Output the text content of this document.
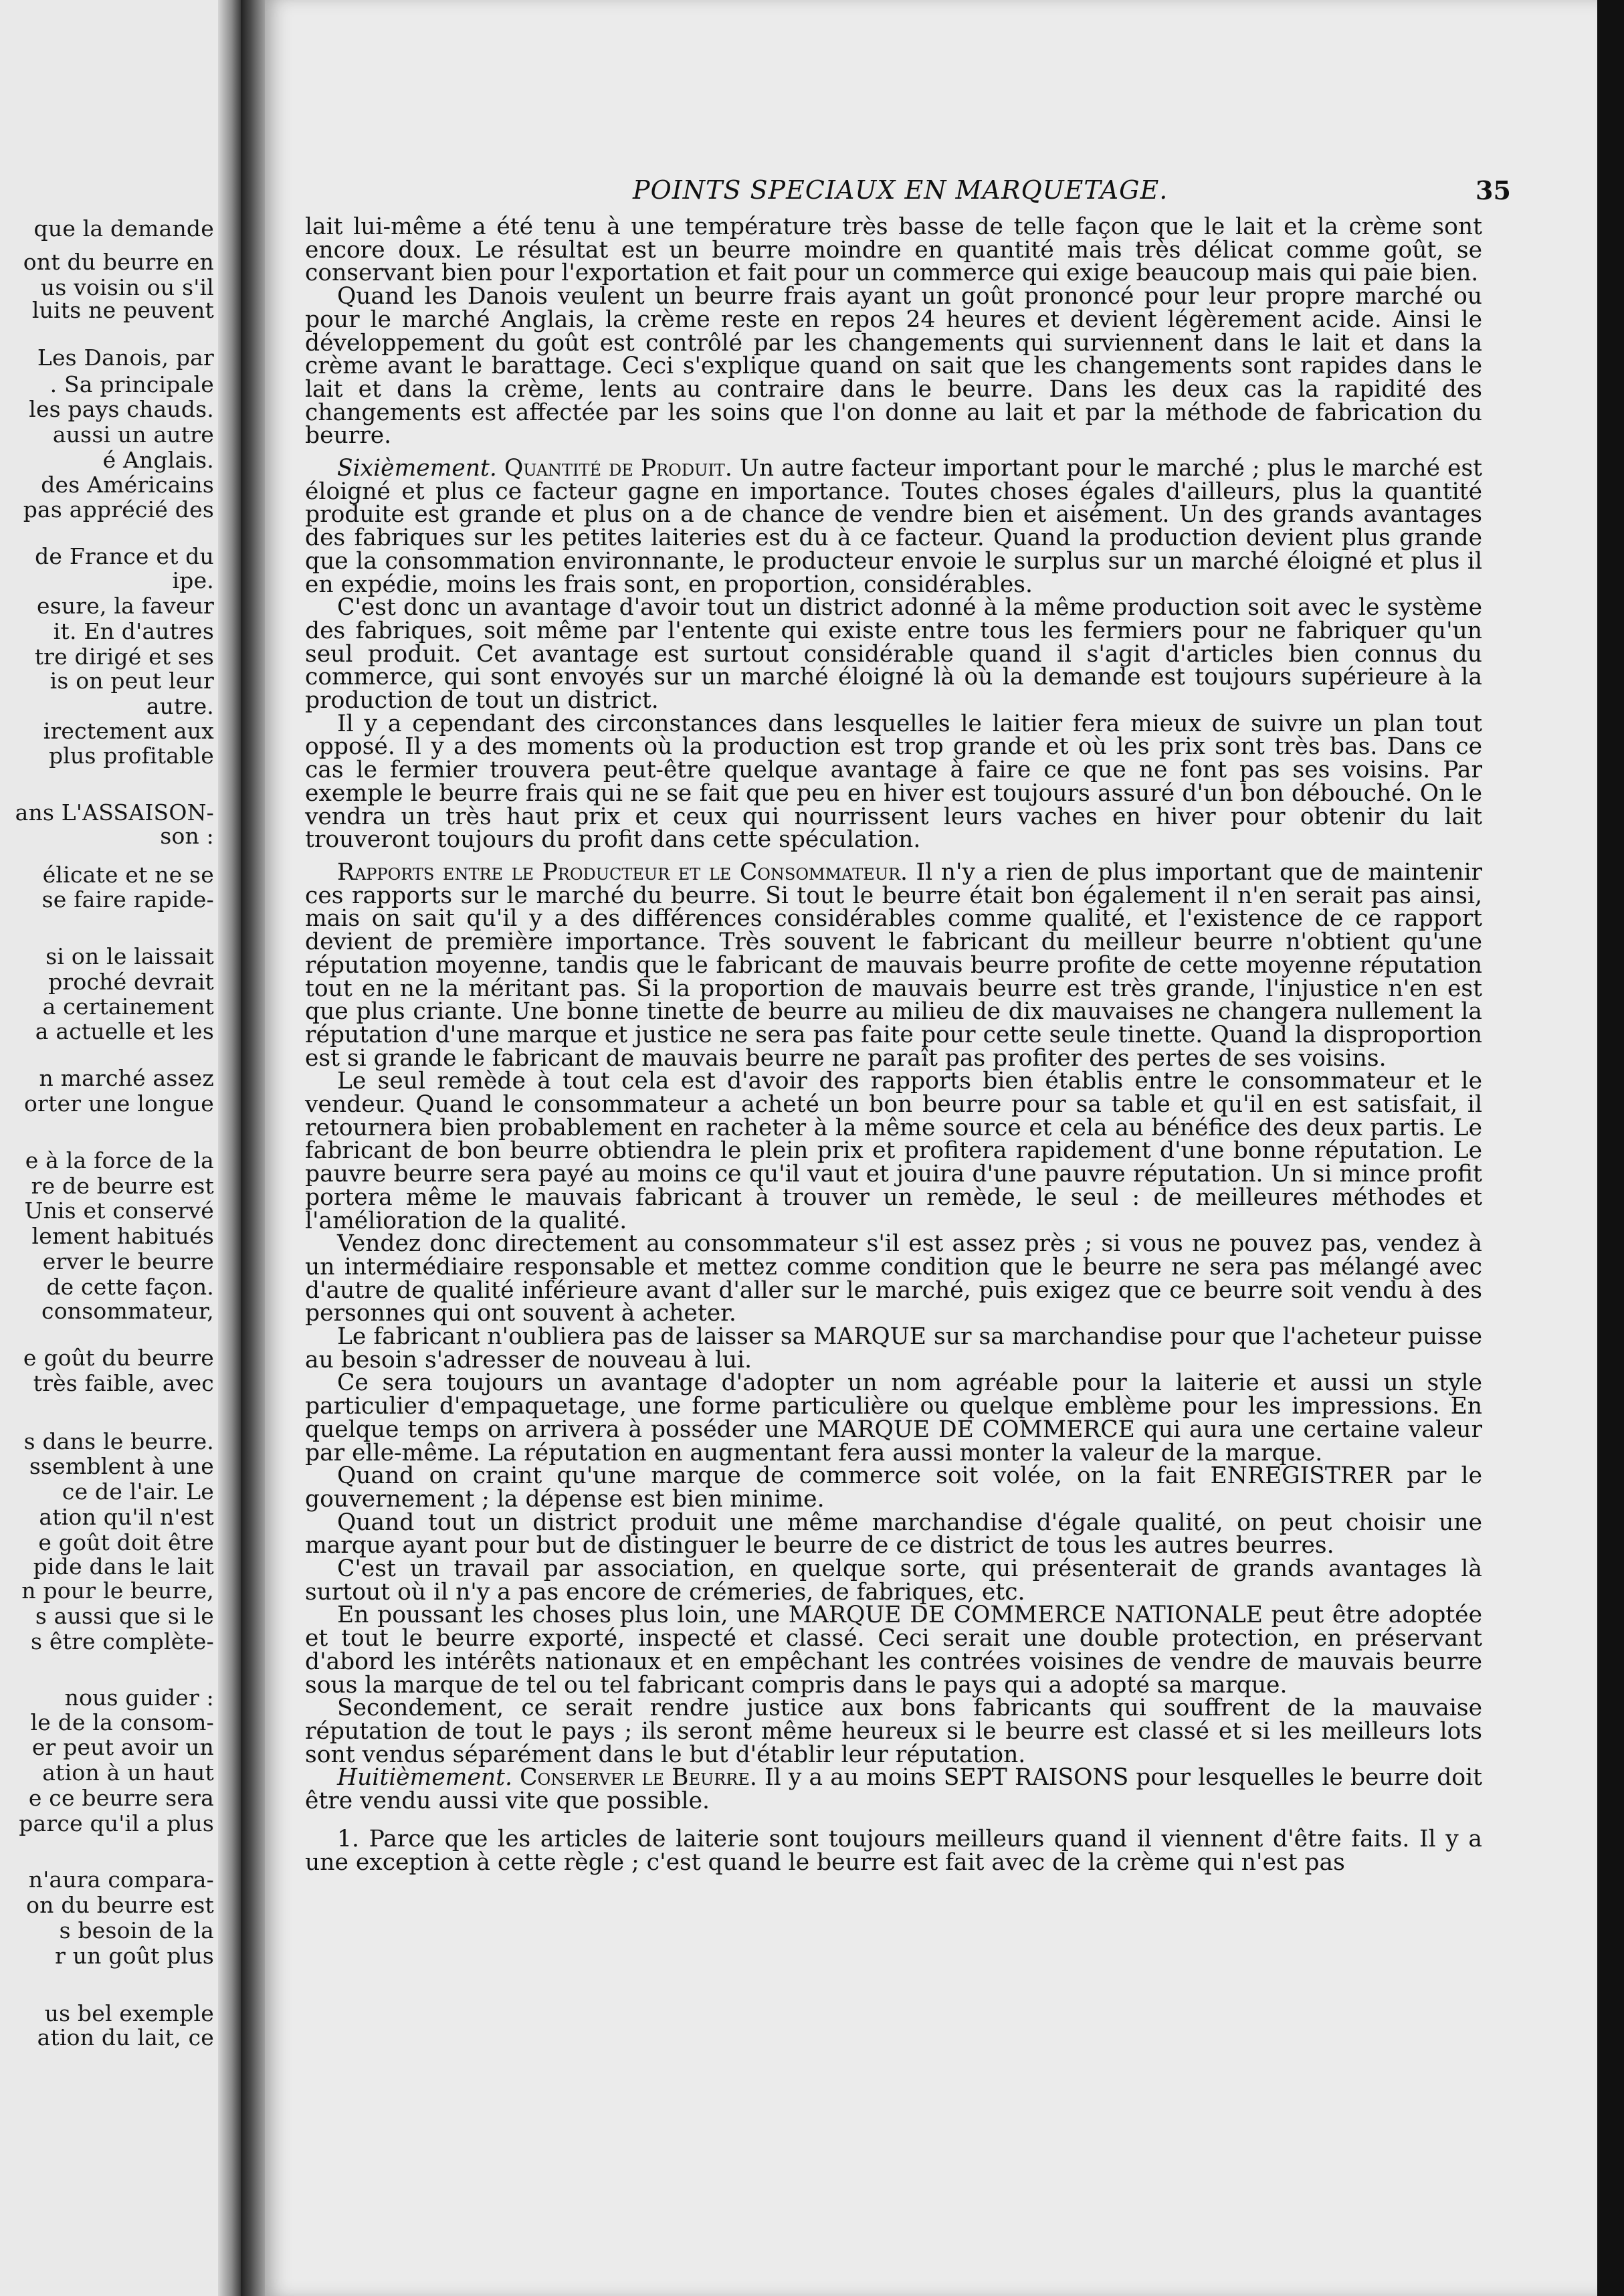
que la demande
ont du beurre en
us voisin ou s'il
luits ne peuvent
Les Danois, par
. Sa principale
les pays chauds.
aussi un autre
é Anglais.
des Américains
pas apprécié des
de France et du
ipe.
esure, la faveur
it. En d'autres
tre dirigé et ses
is on peut leur
autre.
irectement aux
plus profitable
ans L'ASSAISON-
son :
élicate et ne se
se faire rapide-
si on le laissait
proché devrait
a certainement
a actuelle et les
n marché assez
orter une longue
e à la force de la
re de beurre est
Unis et conservé
lement habitués
erver le beurre
de cette façon.
consommateur,
e goût du beurre
très faible, avec
s dans le beurre.
ssemblent à une
ce de l'air. Le
ation qu'il n'est
e goût doit être
pide dans le lait
n pour le beurre,
s aussi que si le
s être complète-
nous guider :
le de la consom-
er peut avoir un
ation à un haut
e ce beurre sera
parce qu'il a plus
n'aura compara-
on du beurre est
s besoin de la
r un goût plus
us bel exemple
ation du lait, ce
POINTS SPECIAUX EN MARQUETAGE.	35

lait lui-même a été tenu à une température très basse de telle façon que le lait et la crème sont encore doux. Le résultat est un beurre moindre en quantité mais très délicat comme goût, se conservant bien pour l'exportation et fait pour un commerce qui exige beaucoup mais qui paie bien.

Quand les Danois veulent un beurre frais ayant un goût prononcé pour leur propre marché ou pour le marché Anglais, la crème reste en repos 24 heures et devient légèrement acide. Ainsi le développement du goût est contrôlé par les changements qui surviennent dans le lait et dans la crème avant le barattage. Ceci s'explique quand on sait que les changements sont rapides dans le lait et dans la crème, lents au contraire dans le beurre. Dans les deux cas la rapidité des changements est affectée par les soins que l'on donne au lait et par la méthode de fabrication du beurre.

Sixièmement. Quantité de Produit. Un autre facteur important pour le marché ; plus le marché est éloigné et plus ce facteur gagne en importance. Toutes choses égales d'ailleurs, plus la quantité produite est grande et plus on a de chance de vendre bien et aisément. Un des grands avantages des fabriques sur les petites laiteries est du à ce facteur. Quand la production devient plus grande que la consommation environnante, le producteur envoie le surplus sur un marché éloigné et plus il en expédie, moins les frais sont, en proportion, considérables.

C'est donc un avantage d'avoir tout un district adonné à la même production soit avec le système des fabriques, soit même par l'entente qui existe entre tous les fermiers pour ne fabriquer qu'un seul produit. Cet avantage est surtout considérable quand il s'agit d'articles bien connus du commerce, qui sont envoyés sur un marché éloigné là où la demande est toujours supérieure à la production de tout un district.

Il y a cependant des circonstances dans lesquelles le laitier fera mieux de suivre un plan tout opposé. Il y a des moments où la production est trop grande et où les prix sont très bas. Dans ce cas le fermier trouvera peut-être quelque avantage à faire ce que ne font pas ses voisins. Par exemple le beurre frais qui ne se fait que peu en hiver est toujours assuré d'un bon débouché. On le vendra un très haut prix et ceux qui nourrissent leurs vaches en hiver pour obtenir du lait trouveront toujours du profit dans cette spéculation.

Rapports entre le Producteur et le Consommateur. Il n'y a rien de plus important que de maintenir ces rapports sur le marché du beurre. Si tout le beurre était bon également il n'en serait pas ainsi, mais on sait qu'il y a des différences considérables comme qualité, et l'existence de ce rapport devient de première importance. Très souvent le fabricant du meilleur beurre n'obtient qu'une réputation moyenne, tandis que le fabricant de mauvais beurre profite de cette moyenne réputation tout en ne la méritant pas. Si la proportion de mauvais beurre est très grande, l'injustice n'en est que plus criante. Une bonne tinette de beurre au milieu de dix mauvaises ne changera nullement la réputation d'une marque et justice ne sera pas faite pour cette seule tinette. Quand la disproportion est si grande le fabricant de mauvais beurre ne paraît pas profiter des pertes de ses voisins.

Le seul remède à tout cela est d'avoir des rapports bien établis entre le consommateur et le vendeur. Quand le consommateur a acheté un bon beurre pour sa table et qu'il en est satisfait, il retournera bien probablement en racheter à la même source et cela au bénéfice des deux partis. Le fabricant de bon beurre obtiendra le plein prix et profitera rapidement d'une bonne réputation. Le pauvre beurre sera payé au moins ce qu'il vaut et jouira d'une pauvre réputation. Un si mince profit portera même le mauvais fabricant à trouver un remède, le seul : de meilleures méthodes et l'amélioration de la qualité.

Vendez donc directement au consommateur s'il est assez près ; si vous ne pouvez pas, vendez à un intermédiaire responsable et mettez comme condition que le beurre ne sera pas mélangé avec d'autre de qualité inférieure avant d'aller sur le marché, puis exigez que ce beurre soit vendu à des personnes qui ont souvent à acheter.

Le fabricant n'oubliera pas de laisser sa MARQUE sur sa marchandise pour que l'acheteur puisse au besoin s'adresser de nouveau à lui.

Ce sera toujours un avantage d'adopter un nom agréable pour la laiterie et aussi un style particulier d'empaquetage, une forme particulière ou quelque emblème pour les impressions. En quelque temps on arrivera à posséder une MARQUE DE COMMERCE qui aura une certaine valeur par elle-même. La réputation en augmentant fera aussi monter la valeur de la marque.

Quand on craint qu'une marque de commerce soit volée, on la fait ENREGISTRER par le gouvernement ; la dépense est bien minime.

Quand tout un district produit une même marchandise d'égale qualité, on peut choisir une marque ayant pour but de distinguer le beurre de ce district de tous les autres beurres.

C'est un travail par association, en quelque sorte, qui présenterait de grands avantages là surtout où il n'y a pas encore de crémeries, de fabriques, etc.

En poussant les choses plus loin, une MARQUE DE COMMERCE NATIONALE peut être adoptée et tout le beurre exporté, inspecté et classé. Ceci serait une double protection, en préservant d'abord les intérêts nationaux et en empêchant les contrées voisines de vendre de mauvais beurre sous la marque de tel ou tel fabricant compris dans le pays qui a adopté sa marque.

Secondement, ce serait rendre justice aux bons fabricants qui souffrent de la mauvaise réputation de tout le pays ; ils seront même heureux si le beurre est classé et si les meilleurs lots sont vendus séparément dans le but d'établir leur réputation.

Huitièmement. Conserver le Beurre. Il y a au moins SEPT RAISONS pour lesquelles le beurre doit être vendu aussi vite que possible.

1. Parce que les articles de laiterie sont toujours meilleurs quand il viennent d'être faits. Il y a une exception à cette règle ; c'est quand le beurre est fait avec de la crème qui n'est pas
